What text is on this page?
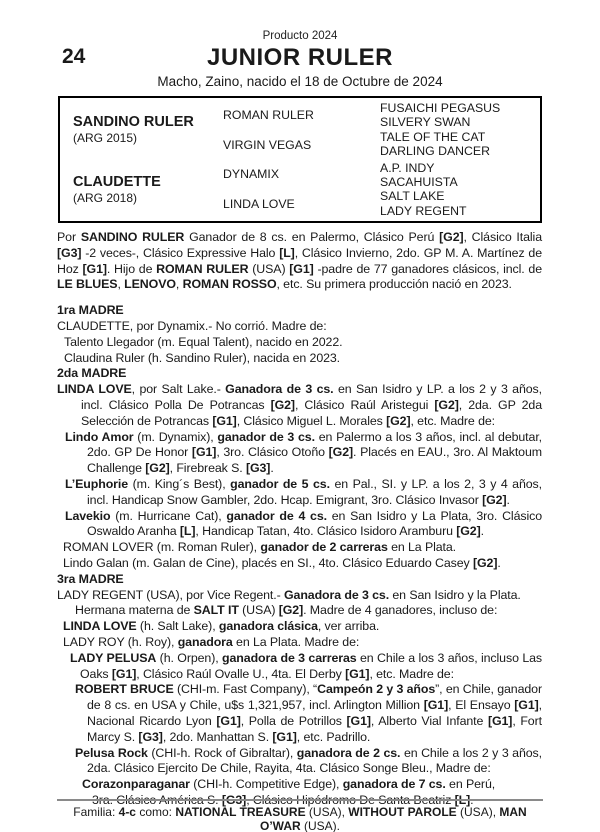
Producto 2024
24	JUNIOR RULER
Macho, Zaino, nacido el 18 de Octubre de 2024
SANDINO RULER
(ARG 2015)
CLAUDETTE
(ARG 2018)
ROMAN RULER
VIRGIN VEGAS
DYNAMIX
LINDA LOVE
FUSAICHI PEGASUS
SILVERY SWAN
TALE OF THE CAT
DARLING DANCER
A.P. INDY
SACAHUISTA
SALT LAKE
LADY REGENT
Por SANDINO RULER Ganador de 8 cs. en Palermo, Clásico Perú [G2], Clásico Italia [G3] -2 veces-, Clásico Expressive Halo [L], Clásico Invierno, 2do. GP M. A. Martínez de Hoz [G1]. Hijo de ROMAN RULER (USA) [G1] -padre de 77 ganadores clásicos, incl. de LE BLUES, LENOVO, ROMAN ROSSO, etc. Su primera producción nació en 2023.
1ra MADRE
CLAUDETTE, por Dynamix.- No corrió. Madre de:
Talento Llegador (m. Equal Talent), nacido en 2022.
Claudina Ruler (h. Sandino Ruler), nacida en 2023.
2da MADRE
LINDA LOVE, por Salt Lake.- Ganadora de 3 cs. en San Isidro y LP. a los 2 y 3 años, incl. Clásico Polla De Potrancas [G2], Clásico Raúl Aristegui [G2], 2da. GP 2da Selección de Potrancas [G1], Clásico Miguel L. Morales [G2], etc. Madre de:
Lindo Amor (m. Dynamix), ganador de 3 cs. en Palermo a los 3 años, incl. al debutar, 2do. GP De Honor [G1], 3ro. Clásico Otoño [G2]. Placés en EAU., 3ro. Al Maktoum Challenge [G2], Firebreak S. [G3].
L’Euphorie (m. King´s Best), ganador de 5 cs. en Pal., SI. y LP. a los 2, 3 y 4 años, incl. Handicap Snow Gambler, 2do. Hcap. Emigrant, 3ro. Clásico Invasor [G2].
Lavekio (m. Hurricane Cat), ganador de 4 cs. en San Isidro y La Plata, 3ro. Clásico Oswaldo Aranha [L], Handicap Tatan, 4to. Clásico Isidoro Aramburu [G2].
ROMAN LOVER (m. Roman Ruler), ganador de 2 carreras en La Plata.
Lindo Galan (m. Galan de Cine), placés en SI., 4to. Clásico Eduardo Casey [G2].
3ra MADRE
LADY REGENT (USA), por Vice Regent.- Ganadora de 3 cs. en San Isidro y la Plata.
Hermana materna de SALT IT (USA) [G2]. Madre de 4 ganadores, incluso de:
LINDA LOVE (h. Salt Lake), ganadora clásica, ver arriba.
LADY ROY (h. Roy), ganadora en La Plata. Madre de:
LADY PELUSA (h. Orpen), ganadora de 3 carreras en Chile a los 3 años, incluso Las Oaks [G1], Clásico Raúl Ovalle U., 4ta. El Derby [G1], etc. Madre de:
ROBERT BRUCE (CHI-m. Fast Company), “Campeón 2 y 3 años”, en Chile, ganador de 8 cs. en USA y Chile, u$s 1,321,957, incl. Arlington Million [G1], El Ensayo [G1], Nacional Ricardo Lyon [G1], Polla de Potrillos [G1], Alberto Vial Infante [G1], Fort Marcy S. [G3], 2do. Manhattan S. [G1], etc. Padrillo.
Pelusa Rock (CHI-h. Rock of Gibraltar), ganadora de 2 cs. en Chile a los 2 y 3 años, 2da. Clásico Ejercito De Chile, Rayita, 4ta. Clásico Songe Bleu., Madre de:
Corazonparaganar (CHI-h. Competitive Edge), ganadora de 7 cs. en Perú,
3ra. Clásico América S. [G3], Clásico Hipódromo De Santa Beatriz [L].
Familia: 4-c como: NATIONAL TREASURE (USA), WITHOUT PAROLE (USA), MAN O’WAR (USA).
